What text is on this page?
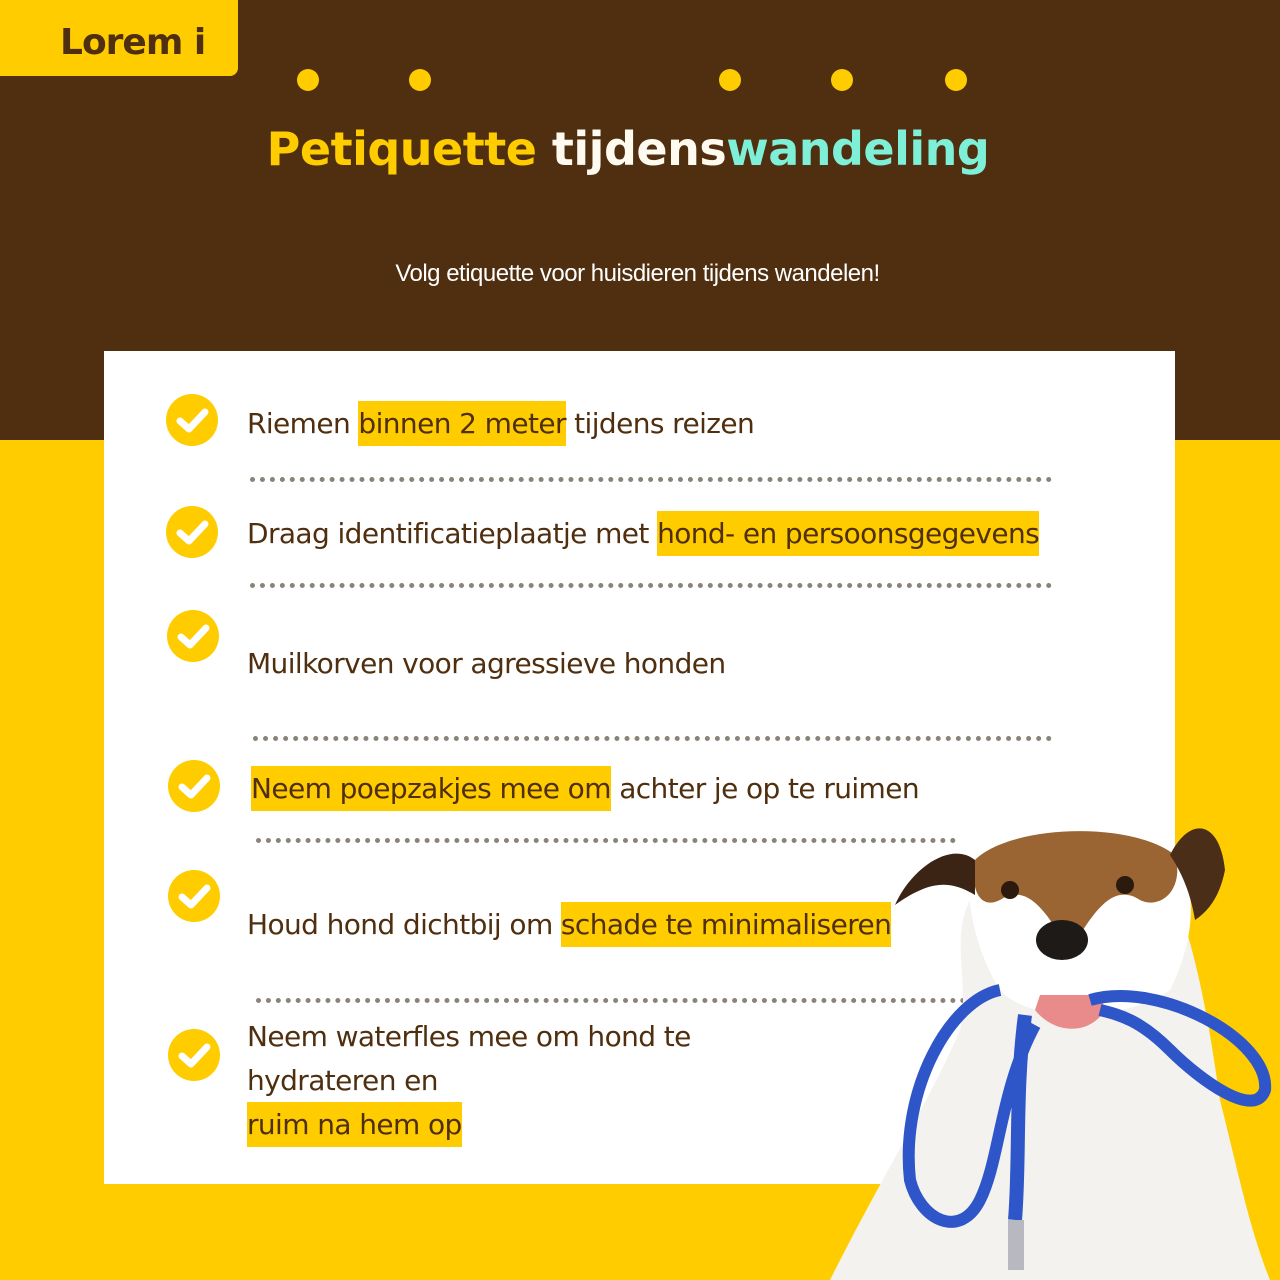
Lorem i
Petiquette tijdenswandeling
Volg etiquette voor huisdieren tijdens wandelen!
Riemen binnen 2 meter tijdens reizen
Draag identificatieplaatje met hond- en persoonsgegevens
Muilkorven voor agressieve honden
Neem poepzakjes mee om achter je op te ruimen
Houd hond dichtbij om schade te minimaliseren
Neem waterfles mee om hond te
hydrateren en
ruim na hem op
